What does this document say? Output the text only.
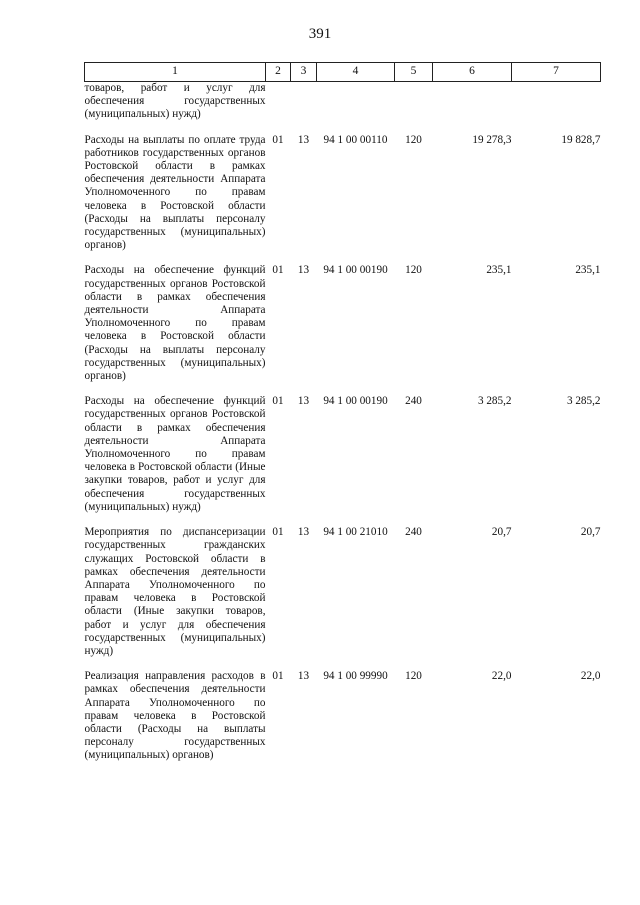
391
1	2	3	4	5	6	7
товаров, работ и услуг для обеспечения государственных (муниципальных) нужд)						
Расходы на выплаты по оплате труда работников государственных органов Ростовской области в рамках обеспечения деятельности Аппарата Уполномоченного по правам человека в Ростовской области (Расходы на выплаты персоналу государственных (муниципальных) органов)	01	13	94 1 00 00110	120	19 278,3	19 828,7
Расходы на обеспечение функций государственных органов Ростовской области в рамках обеспечения деятельности Аппарата Уполномоченного по правам человека в Ростовской области (Расходы на выплаты персоналу государственных (муниципальных) органов)	01	13	94 1 00 00190	120	235,1	235,1
Расходы на обеспечение функций государственных органов Ростовской области в рамках обеспечения деятельности Аппарата Уполномоченного по правам человека в Ростовской области (Иные закупки товаров, работ и услуг для обеспечения государственных (муниципальных) нужд)	01	13	94 1 00 00190	240	3 285,2	3 285,2
Мероприятия по диспансеризации государственных гражданских служащих Ростовской области в рамках обеспечения деятельности Аппарата Уполномоченного по правам человека в Ростовской области (Иные закупки товаров, работ и услуг для обеспечения государственных (муниципальных) нужд)	01	13	94 1 00 21010	240	20,7	20,7
Реализация направления расходов в рамках обеспечения деятельности Аппарата Уполномоченного по правам человека в Ростовской области (Расходы на выплаты персоналу государственных (муниципальных) органов)	01	13	94 1 00 99990	120	22,0	22,0
